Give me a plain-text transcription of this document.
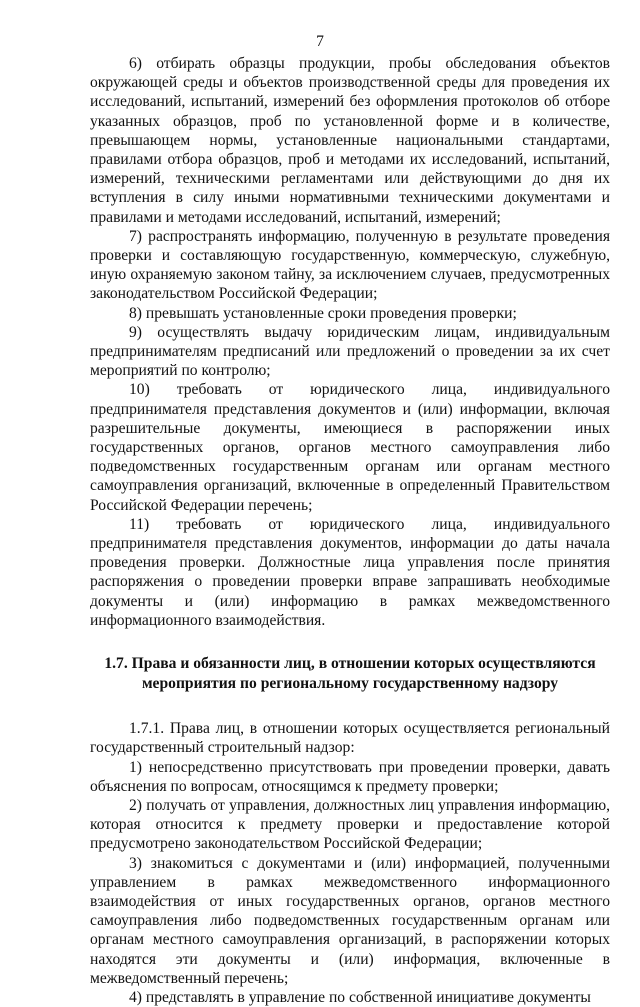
7

6) отбирать образцы продукции, пробы обследования объектов окружающей среды и объектов производственной среды для проведения их исследований, испытаний, измерений без оформления протоколов об отборе указанных образцов, проб по установленной форме и в количестве, превышающем нормы, установленные национальными стандартами, правилами отбора образцов, проб и методами их исследований, испытаний, измерений, техническими регламентами или действующими до дня их вступления в силу иными нормативными техническими документами и правилами и методами исследований, испытаний, измерений;

7) распространять информацию, полученную в результате проведения проверки и составляющую государственную, коммерческую, служебную, иную охраняемую законом тайну, за исключением случаев, предусмотренных законодательством Российской Федерации;

8) превышать установленные сроки проведения проверки;

9) осуществлять выдачу юридическим лицам, индивидуальным предпринимателям предписаний или предложений о проведении за их счет мероприятий по контролю;

10) требовать от юридического лица, индивидуального предпринимателя представления документов и (или) информации, включая разрешительные документы, имеющиеся в распоряжении иных государственных органов, органов местного самоуправления либо подведомственных государственным органам или органам местного самоуправления организаций, включенные в определенный Правительством Российской Федерации перечень;

11) требовать от юридического лица, индивидуального предпринимателя представления документов, информации до даты начала проведения проверки. Должностные лица управления после принятия распоряжения о проведении проверки вправе запрашивать необходимые документы и (или) информацию в рамках межведомственного информационного взаимодействия.

1.7. Права и обязанности лиц, в отношении которых осуществляются
мероприятия по региональному государственному надзору

1.7.1. Права лиц, в отношении которых осуществляется региональный государственный строительный надзор:

1) непосредственно присутствовать при проведении проверки, давать объяснения по вопросам, относящимся к предмету проверки;

2) получать от управления, должностных лиц управления информацию, которая относится к предмету проверки и предоставление которой предусмотрено законодательством Российской Федерации;

3) знакомиться с документами и (или) информацией, полученными управлением в рамках межведомственного информационного взаимодействия от иных государственных органов, органов местного самоуправления либо подведомственных государственным органам или органам местного самоуправления организаций, в распоряжении которых находятся эти документы и (или) информация, включенные в межведомственный перечень;

4) представлять в управление по собственной инициативе документы
